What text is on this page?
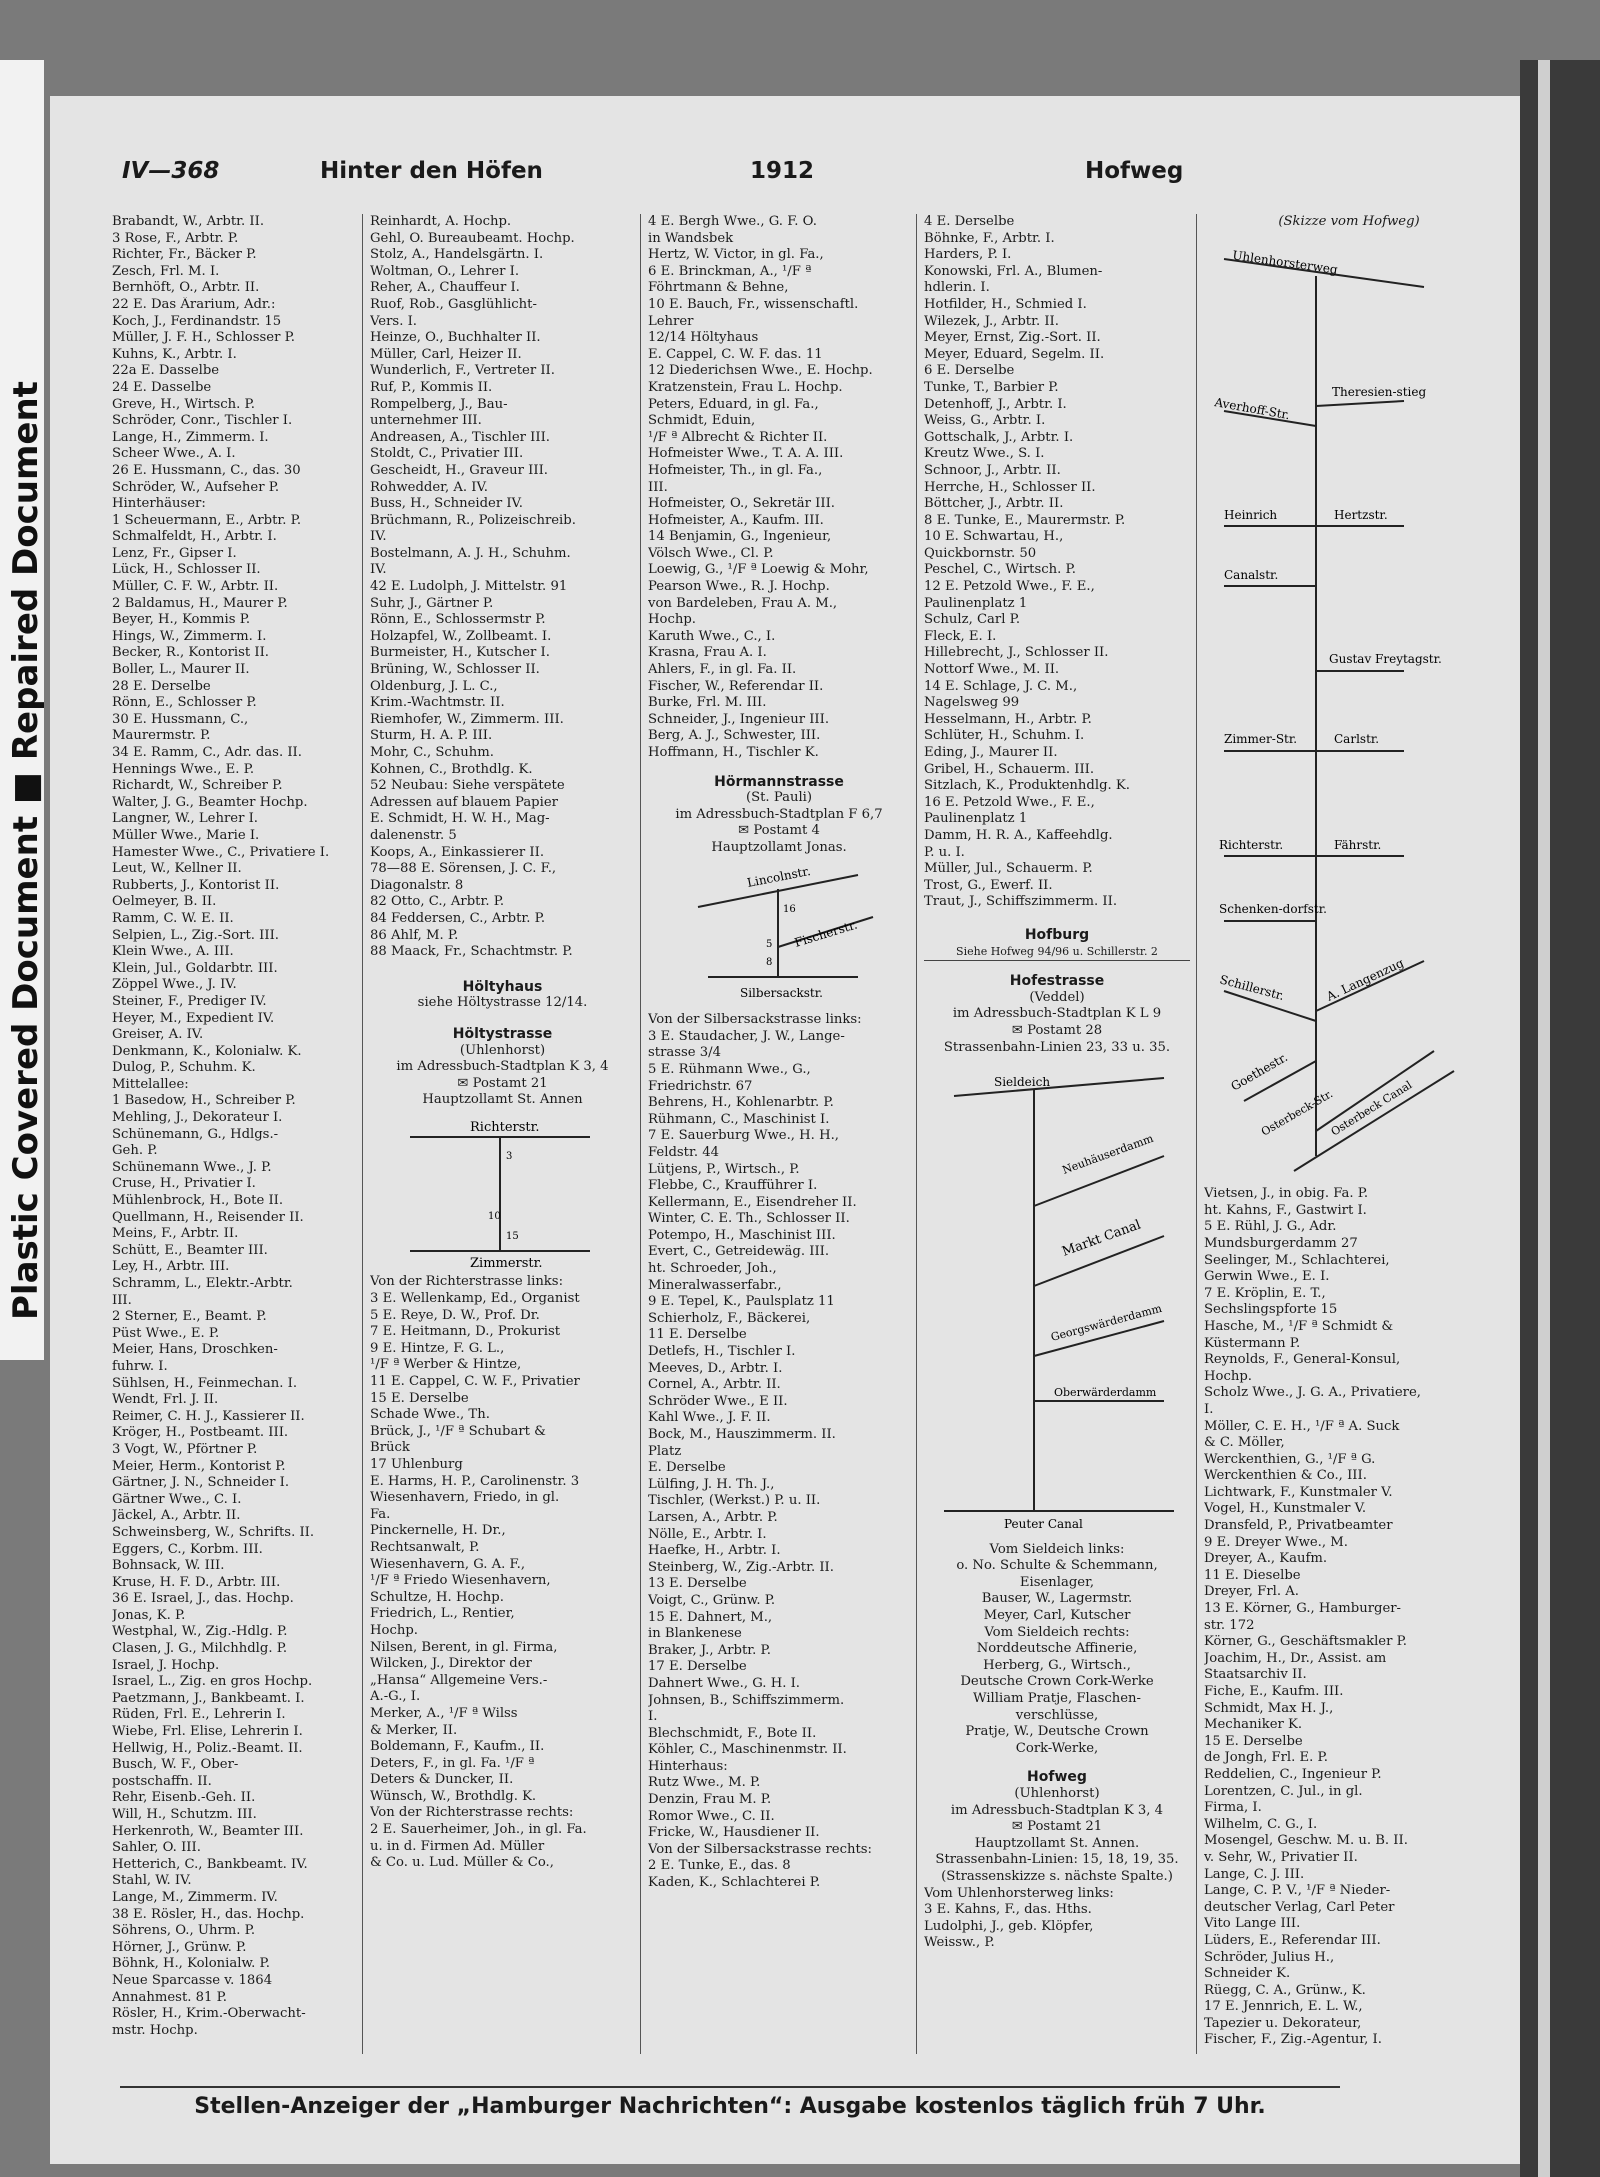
Plastic Covered Document ■ Repaired Document
IV—368	Hinter den Höfen	1912	Hofweg
Brabandt, W., Arbtr. II.
3 Rose, F., Arbtr. P.
Richter, Fr., Bäcker P.
Zesch, Frl. M. I.
Bernhöft, O., Arbtr. II.
22 E. Das Ärarium, Adr.:
Koch, J., Ferdinandstr. 15
Müller, J. F. H., Schlosser P.
Kuhns, K., Arbtr. I.
22a E. Dasselbe
24 E. Dasselbe
Greve, H., Wirtsch. P.
Schröder, Conr., Tischler I.
Lange, H., Zimmerm. I.
Scheer Wwe., A. I.
26 E. Hussmann, C., das. 30
Schröder, W., Aufseher P.
Hinterhäuser:
1 Scheuermann, E., Arbtr. P.
Schmalfeldt, H., Arbtr. I.
Lenz, Fr., Gipser I.
Lück, H., Schlosser II.
Müller, C. F. W., Arbtr. II.
2 Baldamus, H., Maurer P.
Beyer, H., Kommis P.
Hings, W., Zimmerm. I.
Becker, R., Kontorist II.
Boller, L., Maurer II.
28 E. Derselbe
Rönn, E., Schlosser P.
30 E. Hussmann, C.,
Maurermstr. P.
34 E. Ramm, C., Adr. das. II.
Hennings Wwe., E. P.
Richardt, W., Schreiber P.
Walter, J. G., Beamter Hochp.
Langner, W., Lehrer I.
Müller Wwe., Marie I.
Hamester Wwe., C., Privatiere I.
Leut, W., Kellner II.
Rubberts, J., Kontorist II.
Oelmeyer, B. II.
Ramm, C. W. E. II.
Selpien, L., Zig.-Sort. III.
Klein Wwe., A. III.
Klein, Jul., Goldarbtr. III.
Zöppel Wwe., J. IV.
Steiner, F., Prediger IV.
Heyer, M., Expedient IV.
Greiser, A. IV.
Denkmann, K., Kolonialw. K.
Dulog, P., Schuhm. K.
Mittelallee:
1 Basedow, H., Schreiber P.
Mehling, J., Dekorateur I.
Schünemann, G., Hdlgs.-
Geh. P.
Schünemann Wwe., J. P.
Cruse, H., Privatier I.
Mühlenbrock, H., Bote II.
Quellmann, H., Reisender II.
Meins, F., Arbtr. II.
Schütt, E., Beamter III.
Ley, H., Arbtr. III.
Schramm, L., Elektr.-Arbtr.
III.
2 Sterner, E., Beamt. P.
Püst Wwe., E. P.
Meier, Hans, Droschken-
fuhrw. I.
Sühlsen, H., Feinmechan. I.
Wendt, Frl. J. II.
Reimer, C. H. J., Kassierer II.
Kröger, H., Postbeamt. III.
3 Vogt, W., Pförtner P.
Meier, Herm., Kontorist P.
Gärtner, J. N., Schneider I.
Gärtner Wwe., C. I.
Jäckel, A., Arbtr. II.
Schweinsberg, W., Schrifts. II.
Eggers, C., Korbm. III.
Bohnsack, W. III.
Kruse, H. F. D., Arbtr. III.
36 E. Israel, J., das. Hochp.
Jonas, K. P.
Westphal, W., Zig.-Hdlg. P.
Clasen, J. G., Milchhdlg. P.
Israel, J. Hochp.
Israel, L., Zig. en gros Hochp.
Paetzmann, J., Bankbeamt. I.
Rüden, Frl. E., Lehrerin I.
Wiebe, Frl. Elise, Lehrerin I.
Hellwig, H., Poliz.-Beamt. II.
Busch, W. F., Ober-
postschaffn. II.
Rehr, Eisenb.-Geh. II.
Will, H., Schutzm. III.
Herkenroth, W., Beamter III.
Sahler, O. III.
Hetterich, C., Bankbeamt. IV.
Stahl, W. IV.
Lange, M., Zimmerm. IV.
38 E. Rösler, H., das. Hochp.
Söhrens, O., Uhrm. P.
Hörner, J., Grünw. P.
Böhnk, H., Kolonialw. P.
Neue Sparcasse v. 1864
Annahmest. 81 P.
Rösler, H., Krim.-Oberwacht-
mstr. Hochp.
Reinhardt, A. Hochp.
Gehl, O. Bureaubeamt. Hochp.
Stolz, A., Handelsgärtn. I.
Woltman, O., Lehrer I.
Reher, A., Chauffeur I.
Ruof, Rob., Gasglühlicht-
Vers. I.
Heinze, O., Buchhalter II.
Müller, Carl, Heizer II.
Wunderlich, F., Vertreter II.
Ruf, P., Kommis II.
Rompelberg, J., Bau-
unternehmer III.
Andreasen, A., Tischler III.
Stoldt, C., Privatier III.
Gescheidt, H., Graveur III.
Rohwedder, A. IV.
Buss, H., Schneider IV.
Brüchmann, R., Polizeischreib.
IV.
Bostelmann, A. J. H., Schuhm.
IV.
42 E. Ludolph, J. Mittelstr. 91
Suhr, J., Gärtner P.
Rönn, E., Schlossermstr P.
Holzapfel, W., Zollbeamt. I.
Burmeister, H., Kutscher I.
Brüning, W., Schlosser II.
Oldenburg, J. L. C.,
Krim.-Wachtmstr. II.
Riemhofer, W., Zimmerm. III.
Sturm, H. A. P. III.
Mohr, C., Schuhm.
Kohnen, C., Brothdlg. K.
52 Neubau: Siehe verspätete
Adressen auf blauem Papier
E. Schmidt, H. W. H., Mag-
dalenenstr. 5
Koops, A., Einkassierer II.
78—88 E. Sörensen, J. C. F.,
Diagonalstr. 8
82 Otto, C., Arbtr. P.
84 Feddersen, C., Arbtr. P.
86 Ahlf, M. P.
88 Maack, Fr., Schachtmstr. P.
Höltyhaus
siehe Höltystrasse 12/14.
Höltystrasse
(Uhlenhorst)
im Adressbuch-Stadtplan K 3, 4
✉ Postamt 21
Hauptzollamt St. Annen
Richterstr.
Zimmerstr.
3
10
15
Von der Richterstrasse links:
3 E. Wellenkamp, Ed., Organist
5 E. Reye, D. W., Prof. Dr.
7 E. Heitmann, D., Prokurist
9 E. Hintze, F. G. L.,
¹/F ª Werber & Hintze,
11 E. Cappel, C. W. F., Privatier
15 E. Derselbe
Schade Wwe., Th.
Brück, J., ¹/F ª Schubart &
Brück
17 Uhlenburg
E. Harms, H. P., Carolinenstr. 3
Wiesenhavern, Friedo, in gl.
Fa.
Pinckernelle, H. Dr.,
Rechtsanwalt, P.
Wiesenhavern, G. A. F.,
¹/F ª Friedo Wiesenhavern,
Schultze, H. Hochp.
Friedrich, L., Rentier,
Hochp.
Nilsen, Berent, in gl. Firma,
Wilcken, J., Direktor der
„Hansa“ Allgemeine Vers.-
A.-G., I.
Merker, A., ¹/F ª Wilss
& Merker, II.
Boldemann, F., Kaufm., II.
Deters, F., in gl. Fa. ¹/F ª
Deters & Duncker, II.
Wünsch, W., Brothdlg. K.
Von der Richterstrasse rechts:
2 E. Sauerheimer, Joh., in gl. Fa.
u. in d. Firmen Ad. Müller
& Co. u. Lud. Müller & Co.,
4 E. Bergh Wwe., G. F. O.
in Wandsbek
Hertz, W. Victor, in gl. Fa.,
6 E. Brinckman, A., ¹/F ª
Föhrtmann & Behne,
10 E. Bauch, Fr., wissenschaftl.
Lehrer
12/14 Höltyhaus
E. Cappel, C. W. F. das. 11
12 Diederichsen Wwe., E. Hochp.
Kratzenstein, Frau L. Hochp.
Peters, Eduard, in gl. Fa.,
Schmidt, Eduin,
¹/F ª Albrecht & Richter II.
Hofmeister Wwe., T. A. A. III.
Hofmeister, Th., in gl. Fa.,
III.
Hofmeister, O., Sekretär III.
Hofmeister, A., Kaufm. III.
14 Benjamin, G., Ingenieur,
Völsch Wwe., Cl. P.
Loewig, G., ¹/F ª Loewig & Mohr,
Pearson Wwe., R. J. Hochp.
von Bardeleben, Frau A. M.,
Hochp.
Karuth Wwe., C., I.
Krasna, Frau A. I.
Ahlers, F., in gl. Fa. II.
Fischer, W., Referendar II.
Burke, Frl. M. III.
Schneider, J., Ingenieur III.
Berg, A. J., Schwester, III.
Hoffmann, H., Tischler K.
Hörmannstrasse
(St. Pauli)
im Adressbuch-Stadtplan F 6,7
✉ Postamt 4
Hauptzollamt Jonas.
Lincolnstr.
Fischerstr.
Silbersackstr.
16
5
8
Von der Silbersackstrasse links:
3 E. Staudacher, J. W., Lange-
strasse 3/4
5 E. Rühmann Wwe., G.,
Friedrichstr. 67
Behrens, H., Kohlenarbtr. P.
Rühmann, C., Maschinist I.
7 E. Sauerburg Wwe., H. H.,
Feldstr. 44
Lütjens, P., Wirtsch., P.
Flebbe, C., Kraufführer I.
Kellermann, E., Eisendreher II.
Winter, C. E. Th., Schlosser II.
Potempo, H., Maschinist III.
Evert, C., Getreidewäg. III.
ht. Schroeder, Joh.,
Mineralwasserfabr.,
9 E. Tepel, K., Paulsplatz 11
Schierholz, F., Bäckerei,
11 E. Derselbe
Detlefs, H., Tischler I.
Meeves, D., Arbtr. I.
Cornel, A., Arbtr. II.
Schröder Wwe., E II.
Kahl Wwe., J. F. II.
Bock, M., Hauszimmerm. II.
Platz
E. Derselbe
Lülfing, J. H. Th. J.,
Tischler, (Werkst.) P. u. II.
Larsen, A., Arbtr. P.
Nölle, E., Arbtr. I.
Haefke, H., Arbtr. I.
Steinberg, W., Zig.-Arbtr. II.
13 E. Derselbe
Voigt, C., Grünw. P.
15 E. Dahnert, M.,
in Blankenese
Braker, J., Arbtr. P.
17 E. Derselbe
Dahnert Wwe., G. H. I.
Johnsen, B., Schiffszimmerm.
I.
Blechschmidt, F., Bote II.
Köhler, C., Maschinenmstr. II.
Hinterhaus:
Rutz Wwe., M. P.
Denzin, Frau M. P.
Romor Wwe., C. II.
Fricke, W., Hausdiener II.
Von der Silbersackstrasse rechts:
2 E. Tunke, E., das. 8
Kaden, K., Schlachterei P.
4 E. Derselbe
Böhnke, F., Arbtr. I.
Harders, P. I.
Konowski, Frl. A., Blumen-
hdlerin. I.
Hotfilder, H., Schmied I.
Wilezek, J., Arbtr. II.
Meyer, Ernst, Zig.-Sort. II.
Meyer, Eduard, Segelm. II.
6 E. Derselbe
Tunke, T., Barbier P.
Detenhoff, J., Arbtr. I.
Weiss, G., Arbtr. I.
Gottschalk, J., Arbtr. I.
Kreutz Wwe., S. I.
Schnoor, J., Arbtr. II.
Herrche, H., Schlosser II.
Böttcher, J., Arbtr. II.
8 E. Tunke, E., Maurermstr. P.
10 E. Schwartau, H.,
Quickbornstr. 50
Peschel, C., Wirtsch. P.
12 E. Petzold Wwe., F. E.,
Paulinenplatz 1
Schulz, Carl P.
Fleck, E. I.
Hillebrecht, J., Schlosser II.
Nottorf Wwe., M. II.
14 E. Schlage, J. C. M.,
Nagelsweg 99
Hesselmann, H., Arbtr. P.
Schlüter, H., Schuhm. I.
Eding, J., Maurer II.
Gribel, H., Schauerm. III.
Sitzlach, K., Produktenhdlg. K.
16 E. Petzold Wwe., F. E.,
Paulinenplatz 1
Damm, H. R. A., Kaffeehdlg.
P. u. I.
Müller, Jul., Schauerm. P.
Trost, G., Ewerf. II.
Traut, J., Schiffszimmerm. II.
Hofburg
Siehe Hofweg 94/96 u. Schillerstr. 2
Hofestrasse
(Veddel)
im Adressbuch-Stadtplan K L 9
✉ Postamt 28
Strassenbahn-Linien 23, 33 u. 35.
Sieldeich
Neuhäuserdamm
Markt Canal
Georgswärderdamm
Oberwärderdamm
Peuter Canal
Vom Sieldeich links:
o. No. Schulte & Schemmann,
Eisenlager,
Bauser, W., Lagermstr.
Meyer, Carl, Kutscher
Vom Sieldeich rechts:
Norddeutsche Affinerie,
Herberg, G., Wirtsch.,
Deutsche Crown Cork-Werke
William Pratje, Flaschen-
verschlüsse,
Pratje, W., Deutsche Crown
Cork-Werke,
Hofweg
(Uhlenhorst)
im Adressbuch-Stadtplan K 3, 4
✉ Postamt 21
Hauptzollamt St. Annen.
Strassenbahn-Linien: 15, 18, 19, 35.
(Strassenskizze s. nächste Spalte.)
Vom Uhlenhorsterweg links:
3 E. Kahns, F., das. Hths.
Ludolphi, J., geb. Klöpfer,
Weissw., P.
(Skizze vom Hofweg)
Uhlenhorsterweg
Averhoff-Str.
Theresien-stieg
Heinrich	Hertzstr.
Canalstr.
Gustav Freytagstr.
Zimmer-Str.	Carlstr.
Richterstr.	Fährstr.
Schenken-dorfstr.
Schillerstr.	A. Langenzug
Goethestr.
Osterbeck-Str.
Osterbeck Canal
Vietsen, J., in obig. Fa. P.
ht. Kahns, F., Gastwirt I.
5 E. Rühl, J. G., Adr.
Mundsburgerdamm 27
Seelinger, M., Schlachterei,
Gerwin Wwe., E. I.
7 E. Kröplin, E. T.,
Sechslingspforte 15
Hasche, M., ¹/F ª Schmidt &
Küstermann P.
Reynolds, F., General-Konsul,
Hochp.
Scholz Wwe., J. G. A., Privatiere,
I.
Möller, C. E. H., ¹/F ª A. Suck
& C. Möller,
Werckenthien, G., ¹/F ª G.
Werckenthien & Co., III.
Lichtwark, F., Kunstmaler V.
Vogel, H., Kunstmaler V.
Dransfeld, P., Privatbeamter
9 E. Dreyer Wwe., M.
Dreyer, A., Kaufm.
11 E. Dieselbe
Dreyer, Frl. A.
13 E. Körner, G., Hamburger-
str. 172
Körner, G., Geschäftsmakler P.
Joachim, H., Dr., Assist. am
Staatsarchiv II.
Fiche, E., Kaufm. III.
Schmidt, Max H. J.,
Mechaniker K.
15 E. Derselbe
de Jongh, Frl. E. P.
Reddelien, C., Ingenieur P.
Lorentzen, C. Jul., in gl.
Firma, I.
Wilhelm, C. G., I.
Mosengel, Geschw. M. u. B. II.
v. Sehr, W., Privatier II.
Lange, C. J. III.
Lange, C. P. V., ¹/F ª Nieder-
deutscher Verlag, Carl Peter
Vito Lange III.
Lüders, E., Referendar III.
Schröder, Julius H.,
Schneider K.
Rüegg, C. A., Grünw., K.
17 E. Jennrich, E. L. W.,
Tapezier u. Dekorateur,
Fischer, F., Zig.-Agentur, I.
Stellen-Anzeiger der „Hamburger Nachrichten“: Ausgabe kostenlos täglich früh 7 Uhr.
